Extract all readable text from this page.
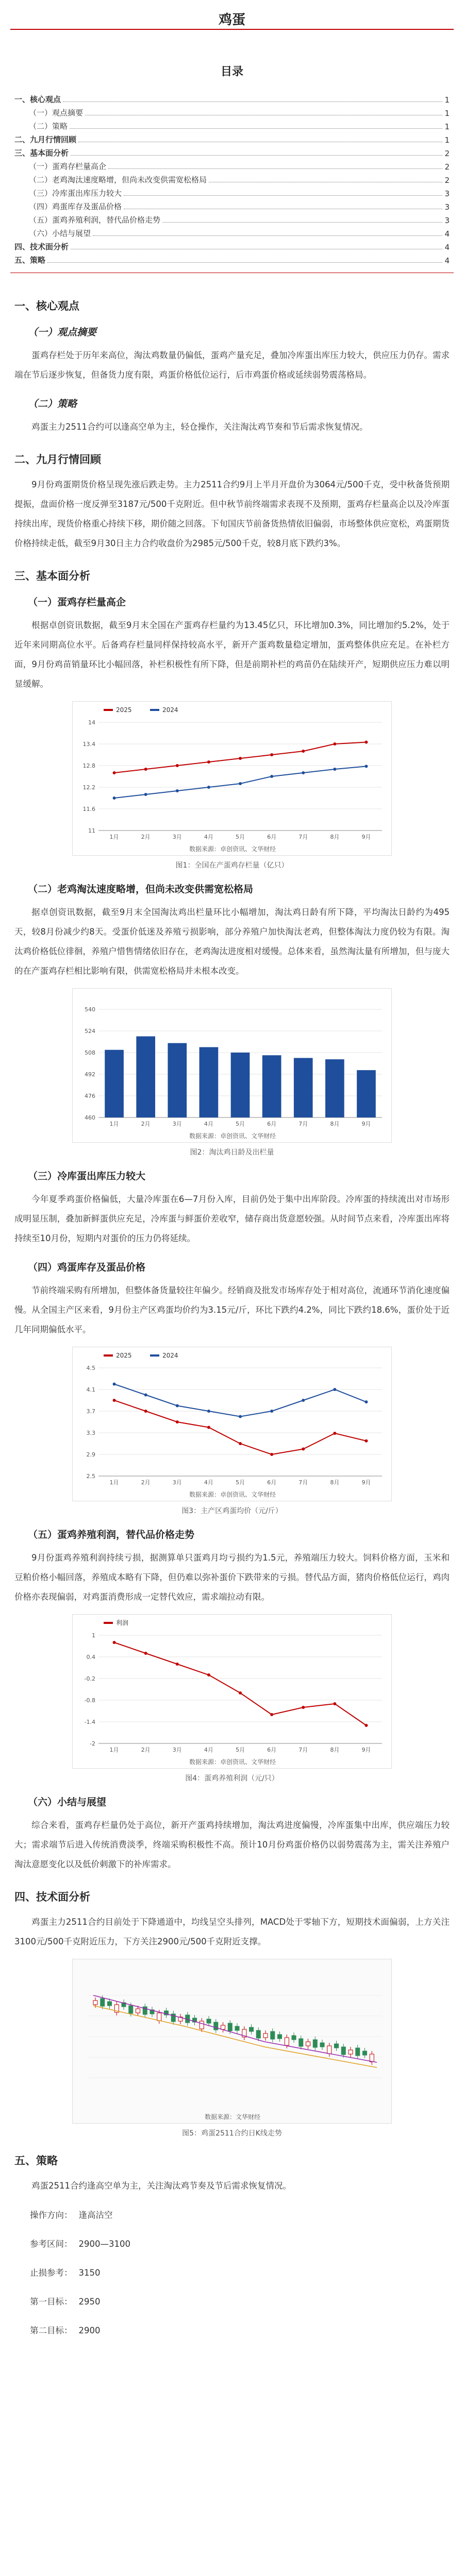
鸡蛋
目录
一、核心观点	1
（一）观点摘要	1
（二）策略	1
二、九月行情回顾	1
三、基本面分析	2
（一）蛋鸡存栏量高企	2
（二）老鸡淘汰速度略增，但尚未改变供需宽松格局	2
（三）冷库蛋出库压力较大	3
（四）鸡蛋库存及蛋品价格	3
（五）蛋鸡养殖利润，替代品价格走势	3
（六）小结与展望	4
四、技术面分析	4
五、策略	4
一、核心观点
（一）观点摘要

蛋鸡存栏处于历年来高位，淘汰鸡数量仍偏低，蛋鸡产量充足，叠加冷库蛋出库压力较大，供应压力仍存。需求端在节后逐步恢复，但备货力度有限，鸡蛋价格低位运行，后市鸡蛋价格或延续弱势震荡格局。

（二）策略

鸡蛋主力2511合约可以逢高空单为主，轻仓操作，关注淘汰鸡节奏和节后需求恢复情况。

二、九月行情回顾

9月份鸡蛋期货价格呈现先涨后跌走势。主力2511合约9月上半月开盘价为3064元/500千克，受中秋备货预期提振，盘面价格一度反弹至3187元/500千克附近。但中秋节前终端需求表现不及预期，蛋鸡存栏量高企以及冷库蛋持续出库，现货价格重心持续下移，期价随之回落。下旬国庆节前备货热情依旧偏弱，市场整体供应宽松，鸡蛋期货价格持续走低，截至9月30日主力合约收盘价为2985元/500千克，较8月底下跌约3%。

三、基本面分析
（一）蛋鸡存栏量高企

根据卓创资讯数据，截至9月末全国在产蛋鸡存栏量约为13.45亿只，环比增加0.3%，同比增加约5.2%，处于近年来同期高位水平。后备鸡存栏量同样保持较高水平，新开产蛋鸡数量稳定增加，蛋鸡整体供应充足。在补栏方面，9月份鸡苗销量环比小幅回落，补栏积极性有所下降，但是前期补栏的鸡苗仍在陆续开产，短期供应压力难以明显缓解。

11
11.6
12.2
12.8
13.4
14
1月	2月	3月	4月	5月	6月	7月	8月	9月
2025	2024
数据来源：卓创资讯、文华财经
图1：全国在产蛋鸡存栏量（亿只）
（二）老鸡淘汰速度略增，但尚未改变供需宽松格局

据卓创资讯数据，截至9月末全国淘汰鸡出栏量环比小幅增加，淘汰鸡日龄有所下降，平均淘汰日龄约为495天，较8月份减少约8天。受蛋价低迷及养殖亏损影响，部分养殖户加快淘汰老鸡，但整体淘汰力度仍较为有限。淘汰鸡价格低位徘徊，养殖户惜售情绪依旧存在，老鸡淘汰进度相对缓慢。总体来看，虽然淘汰量有所增加，但与庞大的在产蛋鸡存栏相比影响有限，供需宽松格局并未根本改变。

460
476
492
508
524
540
1月	2月	3月	4月	5月	6月	7月	8月	9月
数据来源：卓创资讯、文华财经
图2：淘汰鸡日龄及出栏量
（三）冷库蛋出库压力较大

今年夏季鸡蛋价格偏低，大量冷库蛋在6—7月份入库，目前仍处于集中出库阶段。冷库蛋的持续流出对市场形成明显压制，叠加新鲜蛋供应充足，冷库蛋与鲜蛋价差收窄，储存商出货意愿较强。从时间节点来看，冷库蛋出库将持续至10月份，短期内对蛋价的压力仍将延续。

（四）鸡蛋库存及蛋品价格

节前终端采购有所增加，但整体备货量较往年偏少。经销商及批发市场库存处于相对高位，流通环节消化速度偏慢。从全国主产区来看，9月份主产区鸡蛋均价约为3.15元/斤，环比下跌约4.2%，同比下跌约18.6%，蛋价处于近几年同期偏低水平。

2.5
2.9
3.3
3.7
4.1
4.5
1月	2月	3月	4月	5月	6月	7月	8月	9月
2025	2024
数据来源：卓创资讯、文华财经
图3：主产区鸡蛋均价（元/斤）
（五）蛋鸡养殖利润，替代品价格走势

9月份蛋鸡养殖利润持续亏损，据测算单只蛋鸡月均亏损约为1.5元，养殖端压力较大。饲料价格方面，玉米和豆粕价格小幅回落，养殖成本略有下降，但仍难以弥补蛋价下跌带来的亏损。替代品方面，猪肉价格低位运行，鸡肉价格亦表现偏弱，对鸡蛋消费形成一定替代效应，需求端拉动有限。

-2
-1.4
-0.8
-0.2
0.4
1
1月	2月	3月	4月	5月	6月	7月	8月	9月
利润
数据来源：卓创资讯、文华财经
图4：蛋鸡养殖利润（元/只）
（六）小结与展望

综合来看，蛋鸡存栏量仍处于高位，新开产蛋鸡持续增加，淘汰鸡进度偏慢，冷库蛋集中出库，供应端压力较大；需求端节后进入传统消费淡季，终端采购积极性不高。预计10月份鸡蛋价格仍以弱势震荡为主，需关注养殖户淘汰意愿变化以及低价刺激下的补库需求。

四、技术面分析

鸡蛋主力2511合约目前处于下降通道中，均线呈空头排列，MACD处于零轴下方，短期技术面偏弱，上方关注3100元/500千克附近压力，下方关注2900元/500千克附近支撑。

数据来源：文华财经
图5：鸡蛋2511合约日K线走势
五、策略

鸡蛋2511合约逢高空单为主，关注淘汰鸡节奏及节后需求恢复情况。

操作方向： 逢高沽空
参考区间： 2900—3100
止损参考： 3150
第一目标： 2950
第二目标： 2900
